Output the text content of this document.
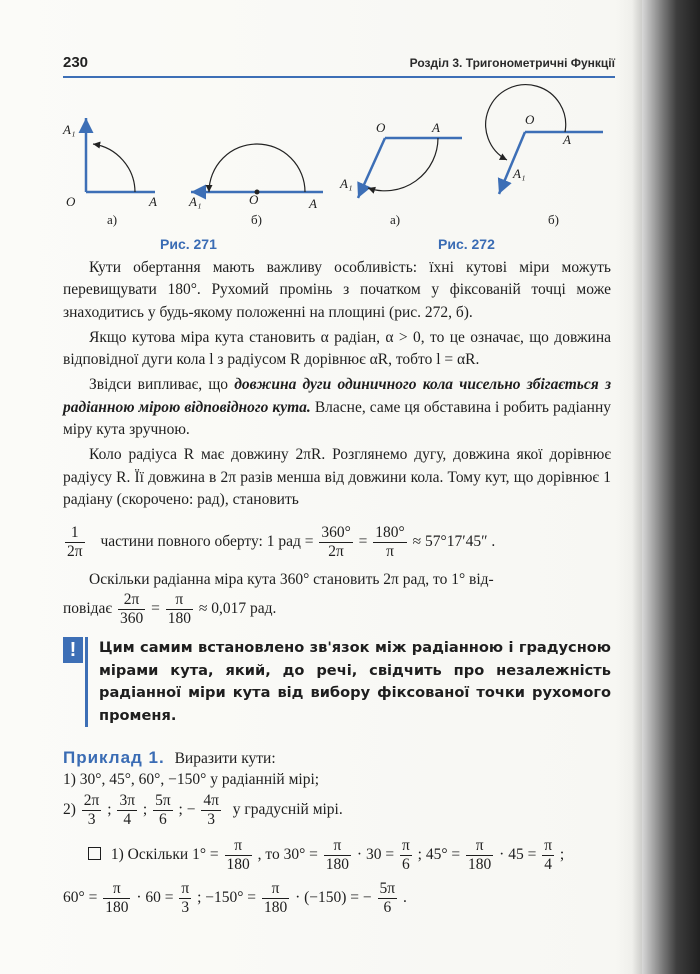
230	Розділ 3. Тригонометричні Функції
A₁
O	A
а)
A₁	O	A
б)
Рис. 271
O	A
A₁
а)
O
A
A₁
б)
Рис. 272

Кути обертання мають важливу особливість: їхні кутові міри можуть перевищувати 180°. Рухомий промінь з початком у фіксованій точці може знаходитись у будь-якому положенні на площині (рис. 272, б).

Якщо кутова міра кута становить α радіан, α > 0, то це означає, що довжина відповідної дуги кола l з радіусом R дорівнює αR, тобто l = αR.

Звідси випливає, що довжина дуги одиничного кола чисельно збігається з радіанною мірою відповідного кута. Власне, саме ця обставина і робить радіанну міру кута зручною.

Коло радіуса R має довжину 2πR. Розглянемо дугу, довжина якої дорівнює радіусу R. Її довжина в 2π разів менша від довжини кола. Тому кут, що дорівнює 1 радіану (скорочено: рад), становить

$\frac{1}{2\pi}$ частини повного оберту: 1 рад = $\frac{360^\circ}{2\pi} = \frac{180^\circ}{\pi} \approx 57^\circ 17'45''$ .

Оскільки радіанна міра кута 360° становить 2π рад, то 1° від-

повідає $\frac{2\pi}{360} = \frac{\pi}{180} \approx 0,017$ рад.
!	Цим самим встановлено зв'язок між радіанною і градусною мірами кута, який, до речі, свідчить про незалежність радіанної міри кута від вибору фіксованої точки рухомого променя.
Приклад 1. Виразити кути:
1) 30°, 45°, 60°, −150° у радіанній мірі;
$2) \frac{2\pi}{3}$ ; $\frac{3\pi}{4}$ ; $\frac{5\pi}{6}$ ; − $\frac{4\pi}{3}$ у градусній мірі.
1) Оскільки $1^\circ = \frac{\pi}{180}$ , то $30^\circ = \frac{\pi}{180} \cdot 30 = \frac{\pi}{6}$ ; $45^\circ = \frac{\pi}{180} \cdot 45 = \frac{\pi}{4}$ ;
$60^\circ = \frac{\pi}{180} \cdot 60 = \frac{\pi}{3}$ ; $-150^\circ = \frac{\pi}{180} \cdot (-150)$ = − $\frac{5\pi}{6}$ .
